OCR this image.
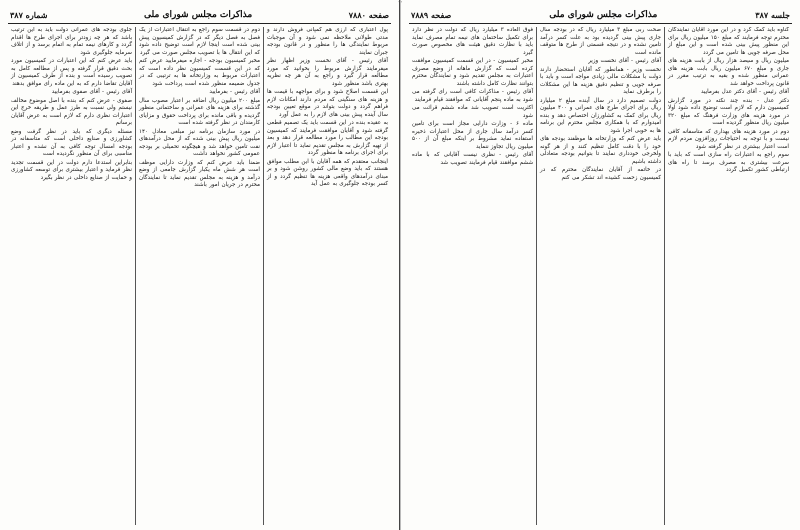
٣
صفحه ۷۸۸۰
مذاکرات مجلس شورای ملی
شماره ۳۸۷

پول اعتباری که ارزی هم کمپانی فروش دارند و مدتی طولانی ملاحظه نمی شود و آن موجبات مربوط نمایندگی ها را منظور و در قانون بودجه جبران نمایند

آقای رئیس - آقای نخست وزیر اظهار نظر میفرمایند گزارش مربوط را بخوانید که مورد مطالعه قرار گیرد و راجع به آن هر چه نظریه بهتری باشد منظور شود

این قسمت اصلاح شود و برای مواجهه با قیمت ها و هزینه های سنگینی که مردم دارند امکانات لازم فراهم گردد و دولت بتواند در موقع تعیین بودجه سال آینده پیش بینی های لازم را به عمل آورد

به عقیده بنده در این قسمت باید یک تصمیم قطعی گرفته شود و آقایان موافقت فرمایند که کمیسیون بودجه این مطالب را مورد مطالعه قرار دهد و بعد از تهیه گزارش به مجلس تقدیم نماید تا اعتبار لازم برای اجرای برنامه ها منظور گردد

اینجانب معتقدم که همه آقایان با این مطلب موافق هستند که باید وضع مالی کشور روشن شود و بر مبنای درآمدهای واقعی هزینه ها تنظیم گردد و از کسر بودجه جلوگیری به عمل آید

دوم در قسمت سوم راجع به انتقال اعتبارات از یک فصل به فصل دیگر که در گزارش کمیسیون پیش بینی شده است اینجا لازم است توضیح داده شود که این انتقال ها با تصویب مجلس صورت می گیرد

مخبر کمیسیون بودجه - اجازه میفرمایید عرض کنم که در این قسمت کمیسیون نظر داده است که اعتبارات مربوط به وزارتخانه ها به ترتیبی که در جدول ضمیمه منظور شده است پرداخت شود

آقای رئیس - بفرمایید

مبلغ ۲۰۰ میلیون ریال اضافه بر اعتبار مصوب سال گذشته برای هزینه های عمرانی و ساختمانی منظور گردیده و باقی مانده برای پرداخت حقوق و مزایای کارمندان در نظر گرفته شده است

در مورد سازمان برنامه نیز مبلغی معادل ۱۴۰ میلیون ریال پیش بینی شده که از محل درآمدهای نفت تامین خواهد شد و هیچگونه تحمیلی بر بودجه عمومی کشور نخواهد داشت

ضمنا باید عرض کنم که وزارت دارایی موظف است هر شش ماه یکبار گزارش جامعی از وضع درآمد و هزینه به مجلس تقدیم نماید تا نمایندگان محترم در جریان امور باشند

جلوی بودجه های عمرانی دولت باید به این ترتیب باشد که هر چه زودتر برای اجرای طرح ها اقدام گردد و کارهای نیمه تمام به اتمام برسد و از اتلاف سرمایه جلوگیری شود

باید عرض کنم که این اعتبارات در کمیسیون مورد بحث دقیق قرار گرفته و پس از مطالعه کامل به تصویب رسیده است و بنده از طرف کمیسیون از آقایان تقاضا دارم که به این ماده رای موافق بدهند

آقای رئیس - آقای صفوی بفرمایید

صفوی - عرض کنم که بنده با اصل موضوع مخالف نیستم ولی نسبت به طرز عمل و طریقه خرج این اعتبارات نظری دارم که لازم است به عرض آقایان برسانم

مسئله دیگری که باید در نظر گرفت وضع کشاورزی و صنایع داخلی است که متاسفانه در بودجه امسال توجه کافی به آن نشده و اعتبار مناسبی برای آن منظور نگردیده است

بنابراین استدعا دارم دولت در این قسمت تجدید نظر فرماید و اعتبار بیشتری برای توسعه کشاورزی و حمایت از صنایع داخلی در نظر بگیرد

جلسه ۳۸۷
مذاکرات مجلس شورای ملی
صفحه ۷۸۸۹

گناوه باید کمک کرد و در این مورد آقایان نمایندگان محترم توجه فرمایند که مبلغ ۱۵۰ میلیون ریال برای این منظور پیش بینی شده است و این مبلغ از محل صرفه جویی ها تامین می گردد

میلیون ریال و سیصد هزار ریال از بابت هزینه های جاری و مبلغ ۶۷۰ میلیون ریال بابت هزینه های عمرانی منظور شده و بقیه به ترتیب مقرر در قانون پرداخت خواهد شد

آقای رئیس - آقای دکتر عدل بفرمایید

دکتر عدل - بنده چند نکته در مورد گزارش کمیسیون دارم که لازم است توضیح داده شود اولا در مورد هزینه های وزارت فرهنگ که مبلغ ۳۲۰ میلیون ریال منظور گردیده است

دوم در مورد هزینه های بهداری که متاسفانه کافی نیست و با توجه به احتیاجات روزافزون مردم لازم است اعتبار بیشتری در نظر گرفته شود

سوم راجع به اعتبارات راه سازی است که باید با سرعت بیشتری به مصرف برسد تا راه های ارتباطی کشور تکمیل گردد

صحت ربی مبلغ ۳ میلیارد ریال که در بودجه سال جاری پیش بینی گردیده بود به علت کسر درآمد تامین نشده و در نتیجه قسمتی از طرح ها متوقف مانده است

آقای رئیس - آقای نخست وزیر

نخست وزیر - همانطور که آقایان استحضار دارند دولت با مشکلات مالی زیادی مواجه است و باید با صرفه جویی و تنظیم دقیق هزینه ها این مشکلات را برطرف نماید

دولت تصمیم دارد در سال آینده مبلغ ۲ میلیارد ریال برای اجرای طرح های عمرانی و ۴۰۰ میلیون ریال برای کمک به کشاورزان اختصاص دهد و بنده امیدوارم که با همکاری مجلس محترم این برنامه ها به خوبی اجرا شود

باید عرض کنم که وزارتخانه ها موظفند بودجه های خود را با دقت کامل تنظیم کنند و از هر گونه ولخرجی خودداری نمایند تا بتوانیم بودجه متعادلی داشته باشیم

در خاتمه از آقایان نمایندگان محترم که در کمیسیون زحمت کشیده اند تشکر می کنم

فوق العاده ۳ میلیارد ریال که دولت در نظر دارد برای تکمیل ساختمان های نیمه تمام مصرف نماید باید با نظارت دقیق هیئت های مخصوص صورت گیرد

مخبر کمیسیون - در این قسمت کمیسیون موافقت کرده است که گزارش ماهانه از وضع مصرف اعتبارات به مجلس تقدیم شود و نمایندگان محترم بتوانند نظارت کامل داشته باشند

آقای رئیس - مذاکرات کافی است رای گرفته می شود به ماده پنجم آقایانی که موافقند قیام فرمایند

اکثریت است تصویب شد ماده ششم قرائت می شود

ماده ۶ - وزارت دارایی مجاز است برای تامین کسر درآمد سال جاری از محل اعتبارات ذخیره استفاده نماید مشروط بر اینکه مبلغ آن از ۵۰۰ میلیون ریال تجاوز ننماید

آقای رئیس - نظری نیست آقایانی که با ماده ششم موافقند قیام فرمایند تصویب شد
